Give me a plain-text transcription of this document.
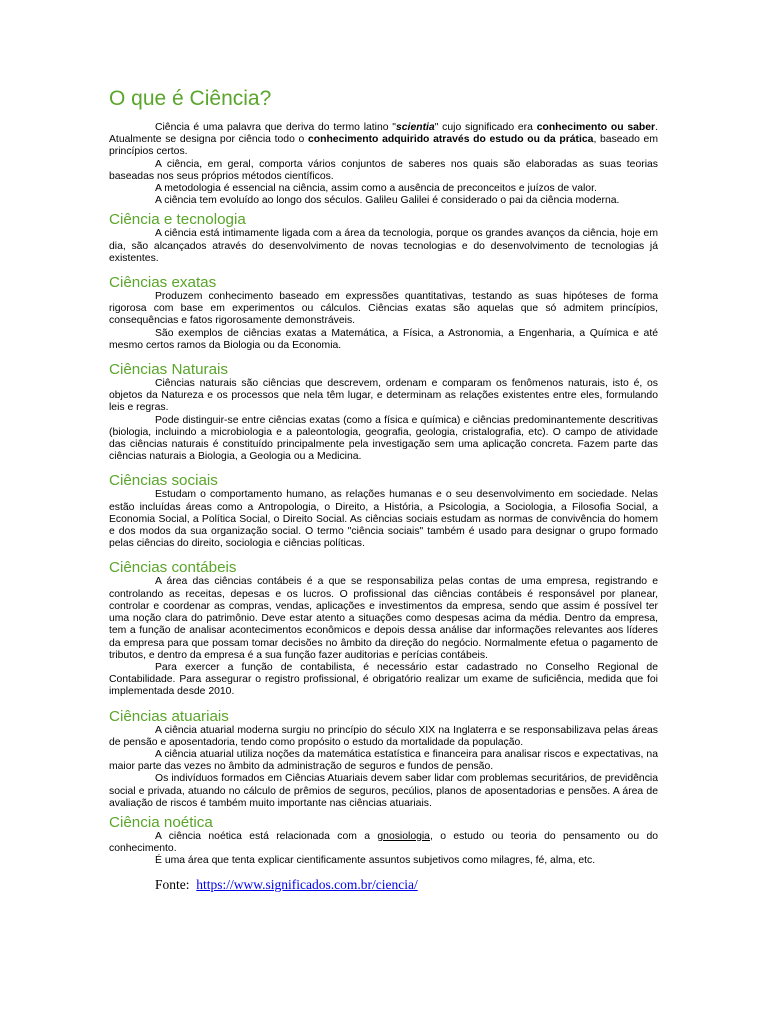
O que é Ciência?

Ciência é uma palavra que deriva do termo latino "scientia" cujo significado era conhecimento ou saber. Atualmente se designa por ciência todo o conhecimento adquirido através do estudo ou da prática, baseado em princípios certos.

A ciência, em geral, comporta vários conjuntos de saberes nos quais são elaboradas as suas teorias baseadas nos seus próprios métodos científicos.

A metodologia é essencial na ciência, assim como a ausência de preconceitos e juízos de valor.

A ciência tem evoluído ao longo dos séculos. Galileu Galilei é considerado o pai da ciência moderna.

Ciência e tecnologia

A ciência está intimamente ligada com a área da tecnologia, porque os grandes avanços da ciência, hoje em dia, são alcançados através do desenvolvimento de novas tecnologias e do desenvolvimento de tecnologias já existentes.

Ciências exatas

Produzem conhecimento baseado em expressões quantitativas, testando as suas hipóteses de forma rigorosa com base em experimentos ou cálculos. Ciências exatas são aquelas que só admitem princípios, consequências e fatos rigorosamente demonstráveis.

São exemplos de ciências exatas a Matemática, a Física, a Astronomia, a Engenharia, a Química e até mesmo certos ramos da Biologia ou da Economia.

Ciências Naturais

Ciências naturais são ciências que descrevem, ordenam e comparam os fenômenos naturais, isto é, os objetos da Natureza e os processos que nela têm lugar, e determinam as relações existentes entre eles, formulando leis e regras.

Pode distinguir-se entre ciências exatas (como a física e química) e ciências predominantemente descritivas (biologia, incluindo a microbiologia e a paleontologia, geografia, geologia, cristalografia, etc). O campo de atividade das ciências naturais é constituído principalmente pela investigação sem uma aplicação concreta. Fazem parte das ciências naturais a Biologia, a Geologia ou a Medicina.

Ciências sociais

Estudam o comportamento humano, as relações humanas e o seu desenvolvimento em sociedade. Nelas estão incluídas áreas como a Antropologia, o Direito, a História, a Psicologia, a Sociologia, a Filosofia Social, a Economia Social, a Política Social, o Direito Social. As ciências sociais estudam as normas de convivência do homem e dos modos da sua organização social. O termo "ciência sociais" também é usado para designar o grupo formado pelas ciências do direito, sociologia e ciências políticas.

Ciências contábeis

A área das ciências contábeis é a que se responsabiliza pelas contas de uma empresa, registrando e controlando as receitas, depesas e os lucros. O profissional das ciências contábeis é responsável por planear, controlar e coordenar as compras, vendas, aplicações e investimentos da empresa, sendo que assim é possível ter uma noção clara do patrimônio. Deve estar atento a situações como despesas acima da média. Dentro da empresa, tem a função de analisar acontecimentos econômicos e depois dessa análise dar informações relevantes aos líderes da empresa para que possam tomar decisões no âmbito da direção do negócio. Normalmente efetua o pagamento de tributos, e dentro da empresa é a sua função fazer auditorias e perícias contábeis.

Para exercer a função de contabilista, é necessário estar cadastrado no Conselho Regional de Contabilidade. Para assegurar o registro profissional, é obrigatório realizar um exame de suficiência, medida que foi implementada desde 2010.

Ciências atuariais

A ciência atuarial moderna surgiu no princípio do século XIX na Inglaterra e se responsabilizava pelas áreas de pensão e aposentadoria, tendo como propósito o estudo da mortalidade da população.

A ciência atuarial utiliza noções da matemática estatística e financeira para analisar riscos e expectativas, na maior parte das vezes no âmbito da administração de seguros e fundos de pensão.

Os indivíduos formados em Ciências Atuariais devem saber lidar com problemas securitários, de previdência social e privada, atuando no cálculo de prêmios de seguros, pecúlios, planos de aposentadorias e pensões. A área de avaliação de riscos é também muito importante nas ciências atuariais.

Ciência noética

A ciência noética está relacionada com a gnosiologia, o estudo ou teoria do pensamento ou do conhecimento.

É uma área que tenta explicar cientificamente assuntos subjetivos como milagres, fé, alma, etc.

Fonte: https://www.significados.com.br/ciencia/
